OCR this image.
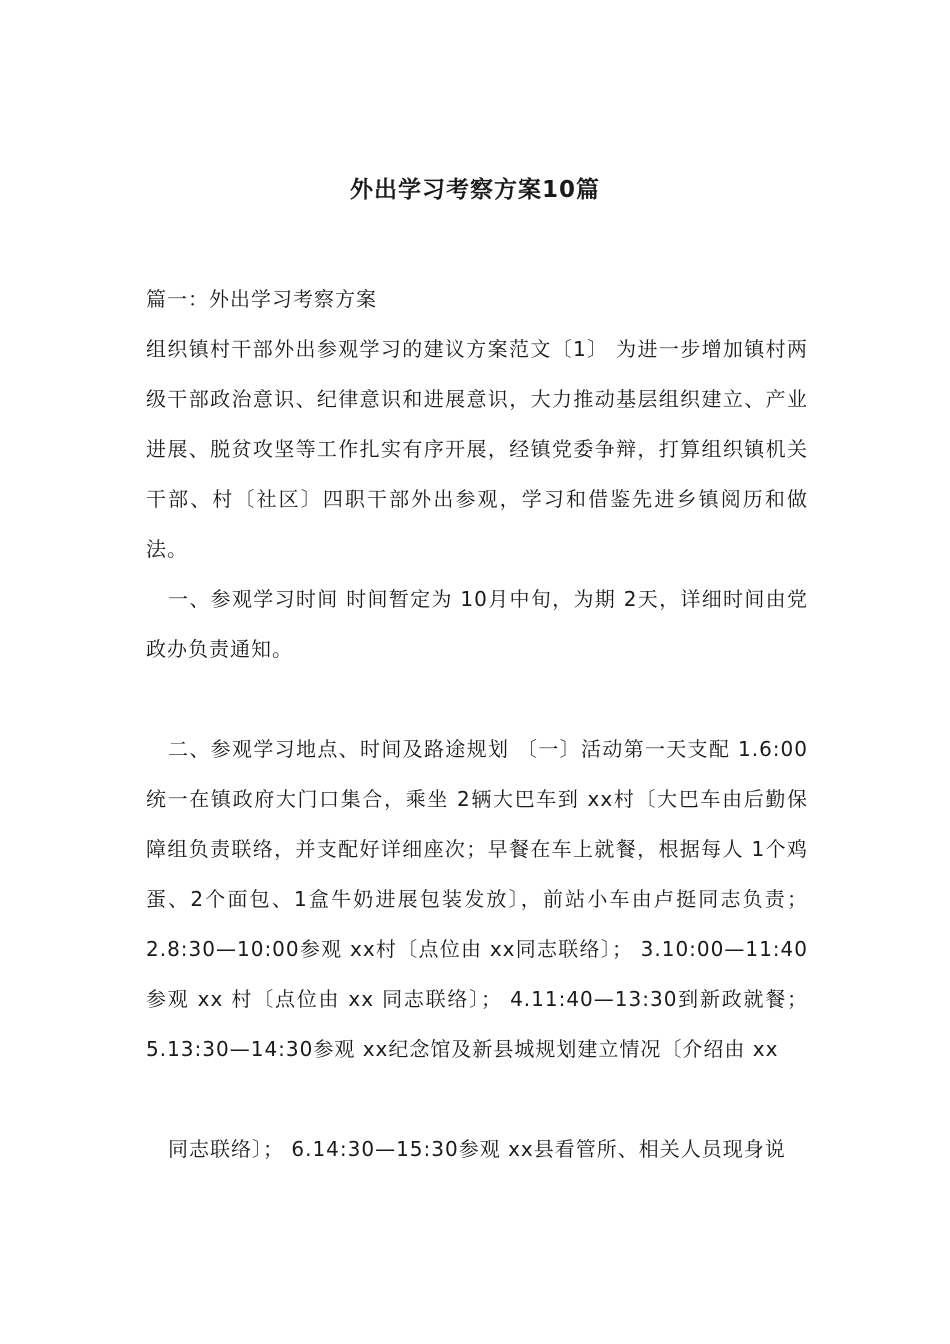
外出学习考察方案10篇

篇一：外出学习考察方案

组织镇村干部外出参观学习的建议方案范文〔1〕 为进一步增加镇村两级干部政治意识、纪律意识和进展意识，大力推动基层组织建立、产业进展、脱贫攻坚等工作扎实有序开展，经镇党委争辩，打算组织镇机关干部、村〔社区〕四职干部外出参观，学习和借鉴先进乡镇阅历和做法。

一、参观学习时间 时间暂定为 10月中旬，为期 2天，详细时间由党政办负责通知。

二、参观学习地点、时间及路途规划 〔一〕活动第一天支配 1.6:00统一在镇政府大门口集合，乘坐 2辆大巴车到 xx村〔大巴车由后勤保障组负责联络，并支配好详细座次；早餐在车上就餐，根据每人 1个鸡蛋、2个面包、1盒牛奶进展包装发放〕，前站小车由卢挺同志负责； 2.8:30—10:00参观 xx村〔点位由 xx同志联络〕； 3.10:00—11:40 参观 xx 村〔点位由 xx 同志联络〕； 4.11:40—13:30到新政就餐； 5.13:30—14:30参观 xx纪念馆及新县城规划建立情况〔介绍由 xx

同志联络〕； 6.14:30—15:30参观 xx县看管所、相关人员现身说
